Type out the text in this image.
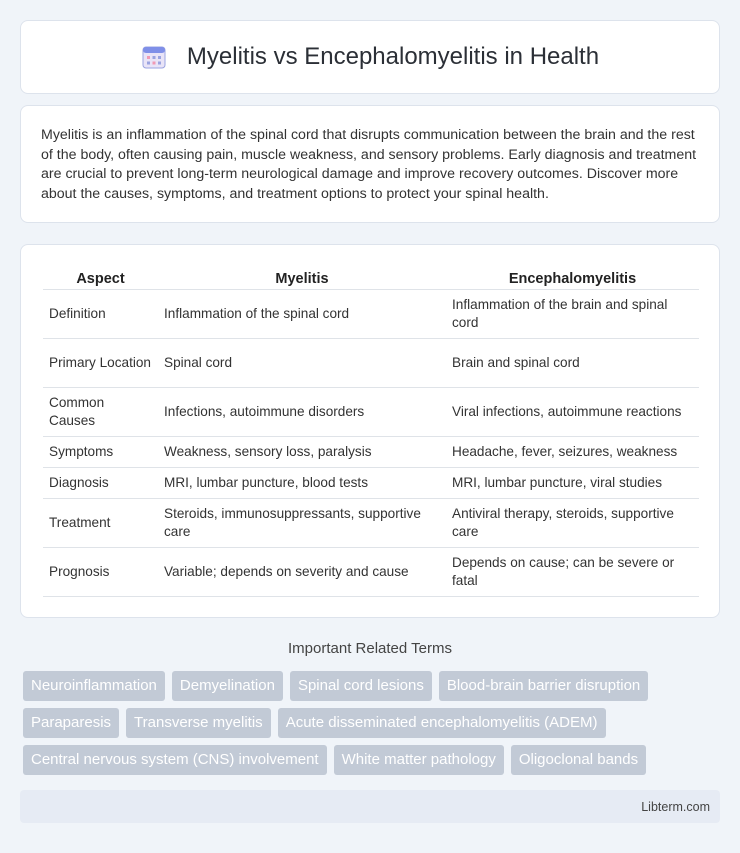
Myelitis vs Encephalomyelitis in Health

Myelitis is an inflammation of the spinal cord that disrupts communication between the brain and the rest of the body, often causing pain, muscle weakness, and sensory problems. Early diagnosis and treatment are crucial to prevent long-term neurological damage and improve recovery outcomes. Discover more about the causes, symptoms, and treatment options to protect your spinal health.

Aspect	Myelitis	Encephalomyelitis
Definition	Inflammation of the spinal cord	Inflammation of the brain and spinal cord
Primary Location	Spinal cord	Brain and spinal cord
Common Causes	Infections, autoimmune disorders	Viral infections, autoimmune reactions
Symptoms	Weakness, sensory loss, paralysis	Headache, fever, seizures, weakness
Diagnosis	MRI, lumbar puncture, blood tests	MRI, lumbar puncture, viral studies
Treatment	Steroids, immunosuppressants, supportive care	Antiviral therapy, steroids, supportive care
Prognosis	Variable; depends on severity and cause	Depends on cause; can be severe or fatal
Important Related Terms
Neuroinflammation	Demyelination	Spinal cord lesions	Blood-brain barrier disruption
Paraparesis	Transverse myelitis	Acute disseminated encephalomyelitis (ADEM)
Central nervous system (CNS) involvement	White matter pathology	Oligoclonal bands
Libterm.com
